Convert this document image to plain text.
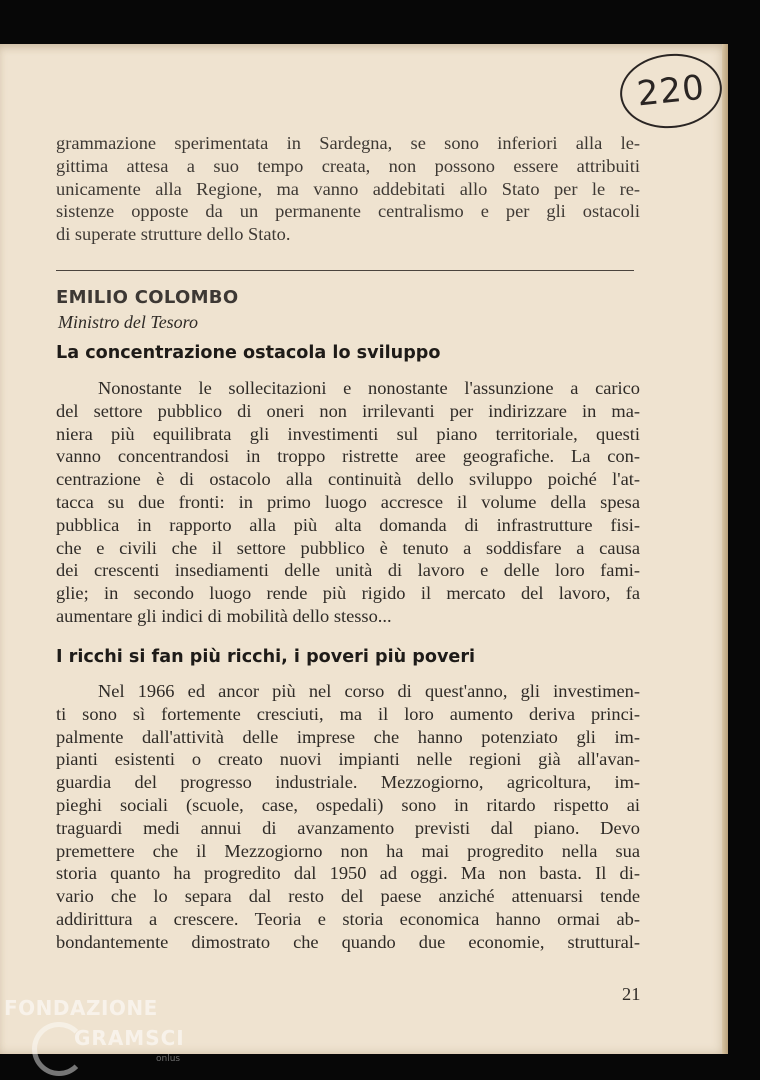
220
grammazione sperimentata in Sardegna, se sono inferiori alla le-
gittima attesa a suo tempo creata, non possono essere attribuiti
unicamente alla Regione, ma vanno addebitati allo Stato per le re-
sistenze opposte da un permanente centralismo e per gli ostacoli
di superate strutture dello Stato.
EMILIO COLOMBO
Ministro del Tesoro
La concentrazione ostacola lo sviluppo
Nonostante le sollecitazioni e nonostante l'assunzione a carico
del settore pubblico di oneri non irrilevanti per indirizzare in ma-
niera più equilibrata gli investimenti sul piano territoriale, questi
vanno concentrandosi in troppo ristrette aree geografiche. La con-
centrazione è di ostacolo alla continuità dello sviluppo poiché l'at-
tacca su due fronti: in primo luogo accresce il volume della spesa
pubblica in rapporto alla più alta domanda di infrastrutture fisi-
che e civili che il settore pubblico è tenuto a soddisfare a causa
dei crescenti insediamenti delle unità di lavoro e delle loro fami-
glie; in secondo luogo rende più rigido il mercato del lavoro, fa
aumentare gli indici di mobilità dello stesso...
I ricchi si fan più ricchi, i poveri più poveri
Nel 1966 ed ancor più nel corso di quest'anno, gli investimen-
ti sono sì fortemente cresciuti, ma il loro aumento deriva princi-
palmente dall'attività delle imprese che hanno potenziato gli im-
pianti esistenti o creato nuovi impianti nelle regioni già all'avan-
guardia del progresso industriale. Mezzogiorno, agricoltura, im-
pieghi sociali (scuole, case, ospedali) sono in ritardo rispetto ai
traguardi medi annui di avanzamento previsti dal piano. Devo
premettere che il Mezzogiorno non ha mai progredito nella sua
storia quanto ha progredito dal 1950 ad oggi. Ma non basta. Il di-
vario che lo separa dal resto del paese anziché attenuarsi tende
addirittura a crescere. Teoria e storia economica hanno ormai ab-
bondantemente dimostrato che quando due economie, struttural-
21
FONDAZIONE
GRAMSCI
onlus
